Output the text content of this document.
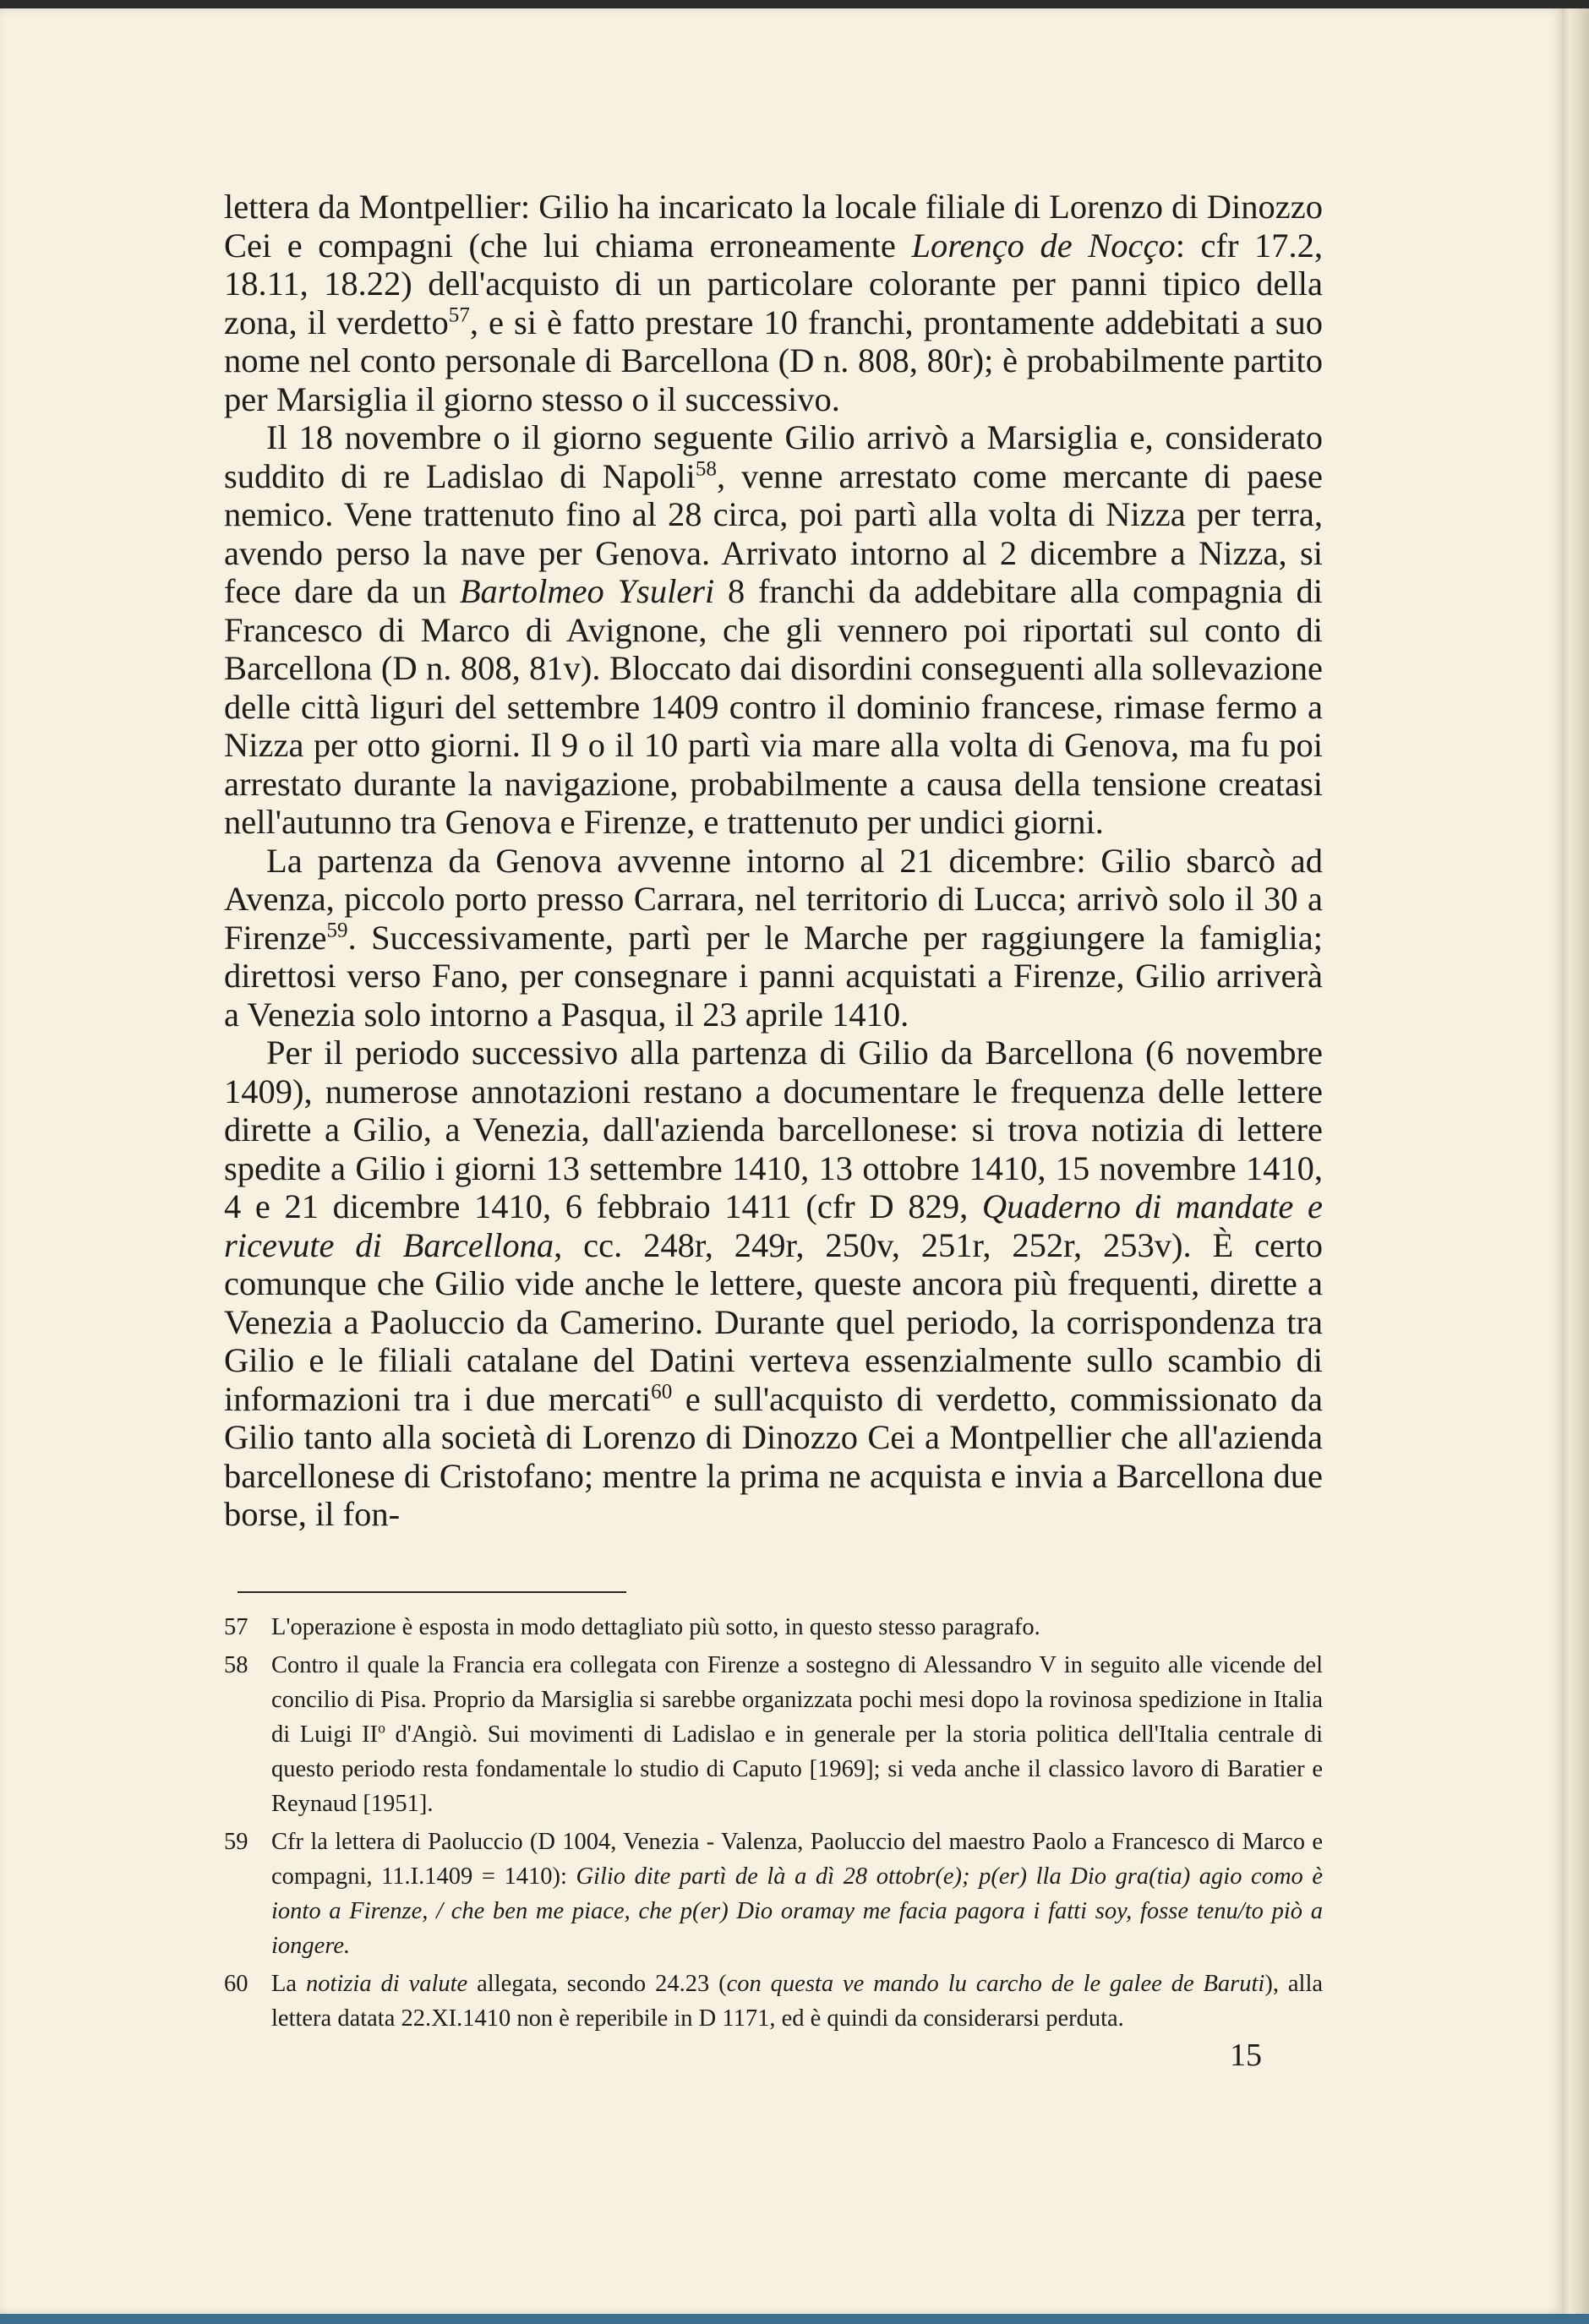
lettera da Montpellier: Gilio ha incaricato la locale filiale di Lorenzo di Dinozzo Cei e compagni (che lui chiama erroneamente Lorenço de Nocço: cfr 17.2, 18.11, 18.22) dell'acquisto di un particolare colorante per panni tipico della zona, il verdetto$^{57}$, e si è fatto prestare 10 franchi, prontamente addebitati a suo nome nel conto personale di Barcellona (D n. 808, 80r); è probabilmente partito per Marsiglia il giorno stesso o il successivo.

Il 18 novembre o il giorno seguente Gilio arrivò a Marsiglia e, considerato suddito di re Ladislao di Napoli$^{58}$, venne arrestato come mercante di paese nemico. Vene trattenuto fino al 28 circa, poi partì alla volta di Nizza per terra, avendo perso la nave per Genova. Arrivato intorno al 2 dicembre a Nizza, si fece dare da un Bartolmeo Ysuleri 8 franchi da addebitare alla compagnia di Francesco di Marco di Avignone, che gli vennero poi riportati sul conto di Barcellona (D n. 808, 81v). Bloccato dai disordini conseguenti alla sollevazione delle città liguri del settembre 1409 contro il dominio francese, rimase fermo a Nizza per otto giorni. Il 9 o il 10 partì via mare alla volta di Genova, ma fu poi arrestato durante la navigazione, probabilmente a causa della tensione creatasi nell'autunno tra Genova e Firenze, e trattenuto per undici giorni.

La partenza da Genova avvenne intorno al 21 dicembre: Gilio sbarcò ad Avenza, piccolo porto presso Carrara, nel territorio di Lucca; arrivò solo il 30 a Firenze$^{59}$. Successivamente, partì per le Marche per raggiungere la famiglia; direttosi verso Fano, per consegnare i panni acquistati a Firenze, Gilio arriverà a Venezia solo intorno a Pasqua, il 23 aprile 1410.

Per il periodo successivo alla partenza di Gilio da Barcellona (6 novembre 1409), numerose annotazioni restano a documentare le frequenza delle lettere dirette a Gilio, a Venezia, dall'azienda barcellonese: si trova notizia di lettere spedite a Gilio i giorni 13 settembre 1410, 13 ottobre 1410, 15 novembre 1410, 4 e 21 dicembre 1410, 6 febbraio 1411 (cfr D 829, Quaderno di mandate e ricevute di Barcellona, cc. 248r, 249r, 250v, 251r, 252r, 253v). È certo comunque che Gilio vide anche le lettere, queste ancora più frequenti, dirette a Venezia a Paoluccio da Camerino. Durante quel periodo, la corrispondenza tra Gilio e le filiali catalane del Datini verteva essenzialmente sullo scambio di informazioni tra i due mercati$^{60}$ e sull'acquisto di verdetto, commissionato da Gilio tanto alla società di Lorenzo di Dinozzo Cei a Montpellier che all'azienda barcellonese di Cristofano; mentre la prima ne acquista e invia a Barcellona due borse, il fon-

57 L'operazione è esposta in modo dettagliato più sotto, in questo stesso paragrafo.
58 Contro il quale la Francia era collegata con Firenze a sostegno di Alessandro V in seguito alle vicende del concilio di Pisa. Proprio da Marsiglia si sarebbe organizzata pochi mesi dopo la rovinosa spedizione in Italia di Luigi $II^o$ d'Angiò. Sui movimenti di Ladislao e in generale per la storia politica dell'Italia centrale di questo periodo resta fondamentale lo studio di Caputo [1969]; si veda anche il classico lavoro di Baratier e Reynaud [1951].
59 Cfr la lettera di Paoluccio (D 1004, Venezia - Valenza, Paoluccio del maestro Paolo a Francesco di Marco e compagni, 11.I.1409 = 1410): Gilio dite partì de là a dì 28 ottobr(e); p(er) lla Dio gra(tia) agio como è ionto a Firenze, / che ben me piace, che p(er) Dio oramay me facia pagora i fatti soy, fosse tenu/to piò a iongere.
60 La notizia di valute allegata, secondo 24.23 (con questa ve mando lu carcho de le galee de Baruti), alla lettera datata 22.XI.1410 non è reperibile in D 1171, ed è quindi da considerarsi perduta.
15
